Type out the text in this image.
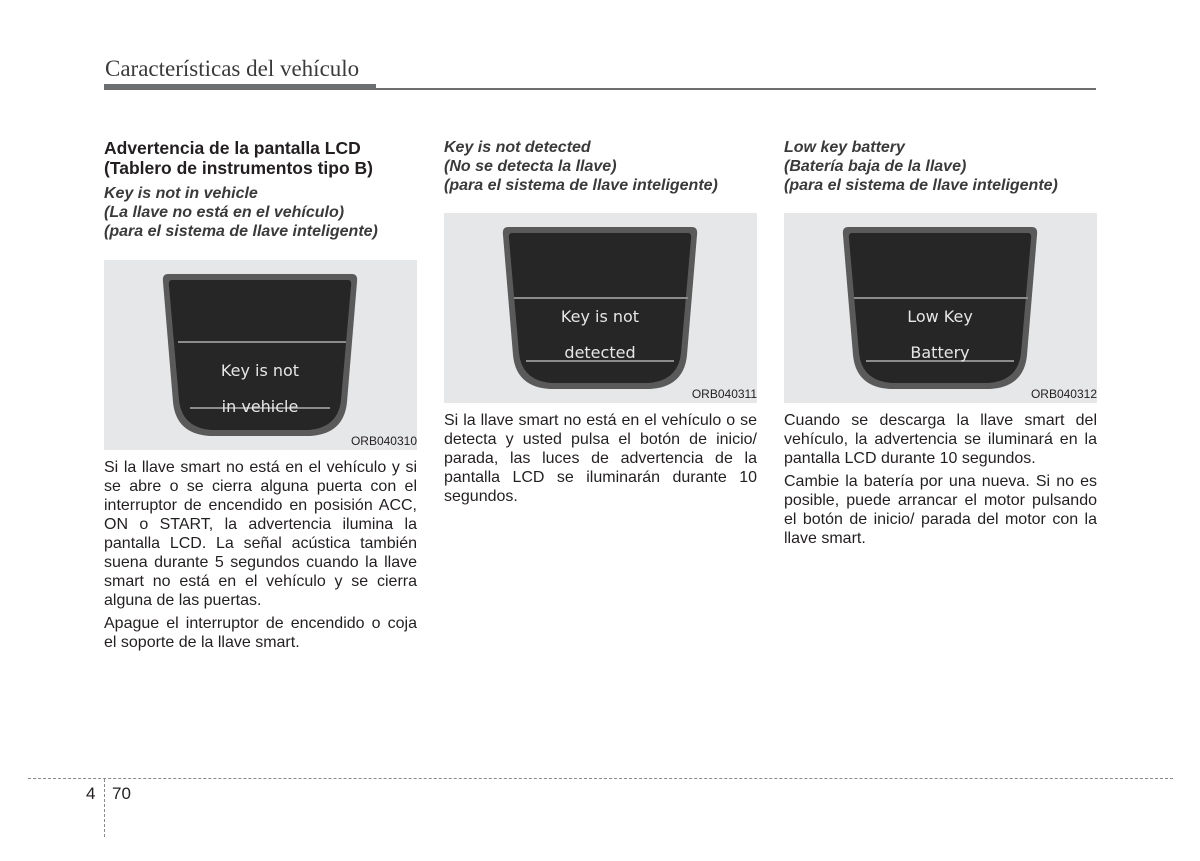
Características del vehículo

Advertencia de la pantalla LCD
(Tablero de instrumentos tipo B)

Key is not in vehicle
(La llave no está en el vehículo)
(para el sistema de llave inteligente)

Key is not
in vehicle
ORB040310

Si la llave smart no está en el vehículo y si se abre o se cierra alguna puerta con el interruptor de encendido en posisión ACC, ON o START, la advertencia ilumina la pantalla LCD. La señal acústica también suena durante 5 segundos cuando la llave smart no está en el vehículo y se cierra alguna de las puertas.

Apague el interruptor de encendido o coja el soporte de la llave smart.

Key is not detected
(No se detecta la llave)
(para el sistema de llave inteligente)

Key is not
detected
ORB040311

Si la llave smart no está en el vehículo o se detecta y usted pulsa el botón de inicio/ parada, las luces de advertencia de la pantalla LCD se iluminarán durante 10 segundos.

Low key battery
(Batería baja de la llave)
(para el sistema de llave inteligente)

Low Key
Battery
ORB040312

Cuando se descarga la llave smart del vehículo, la advertencia se iluminará en la pantalla LCD durante 10 segundos.

Cambie la batería por una nueva. Si no es posible, puede arrancar el motor pulsando el botón de inicio/ parada del motor con la llave smart.

4 70
